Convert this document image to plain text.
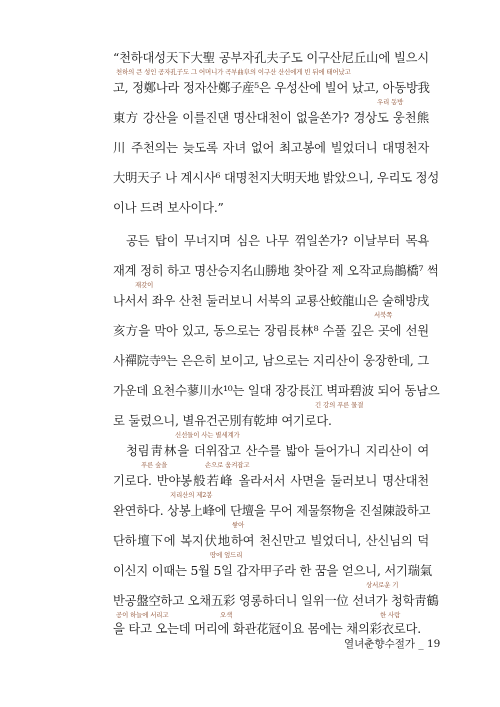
“천하대성天下大聖 공부자孔夫子도 이구산尼丘山에 빌으시
천하의 큰 성인 공자孔子도 그 어머니가 곡부曲阜의 이구산 산신에게 빈 뒤에 태어났고
고, 정鄭나라 정자산鄭子産⁵은 우성산에 빌어 났고, 아동방我
우리 동방
東方 강산을 이를진댄 명산대천이 없을쏜가? 경상도 웅천熊
川 주천의는 늦도록 자녀 없어 최고봉에 빌었더니 대명천자
大明天子 나 계시사⁶ 대명천지大明天地 밝았으니, 우리도 정성
이나 드려 보사이다.”
공든 탑이 무너지며 심은 나무 꺾일쏜가? 이날부터 목욕
재계 정히 하고 명산승지名山勝地 찾아갈 제 오작교烏鵲橋⁷ 썩
재갖이
나서서 좌우 산천 둘러보니 서북의 교룡산蛟龍山은 술해방戌
서북쪽
亥方을 막아 있고, 동으로는 장림長林⁸ 수풀 깊은 곳에 선원
사禪院寺⁹는 은은히 보이고, 남으로는 지리산이 웅장한데, 그
가운데 요천수蓼川水¹⁰는 일대 장강長江 벽파碧波 되어 동남으
긴 강의 푸른 물결
로 둘렀으니, 별유건곤別有乾坤 여기로다.
신선들이 사는 별세계가
청림靑林을 더위잡고 산수를 밟아 들어가니 지리산이 여
푸른 숲을	손으로 움켜잡고
기로다. 반야봉般若峰 올라서서 사면을 둘러보니 명산대천
지리산의 제2봉
완연하다. 상봉上峰에 단壇을 무어 제물祭物을 진설陳設하고
쌓아
단하壇下에 복지伏地하여 천신만고 빌었더니, 산신님의 덕
땅에 엎드리
이신지 이때는 5월 5일 갑자甲子라 한 꿈을 얻으니, 서기瑞氣
상서로운 기
반공盤空하고 오채五彩 영롱하더니 일위一位 선녀가 청학靑鶴
공이 하늘에 서리고	오색	한 사람
을 타고 오는데 머리에 화관花冠이요 몸에는 채의彩衣로다.
열녀춘향수절가 _ 19
